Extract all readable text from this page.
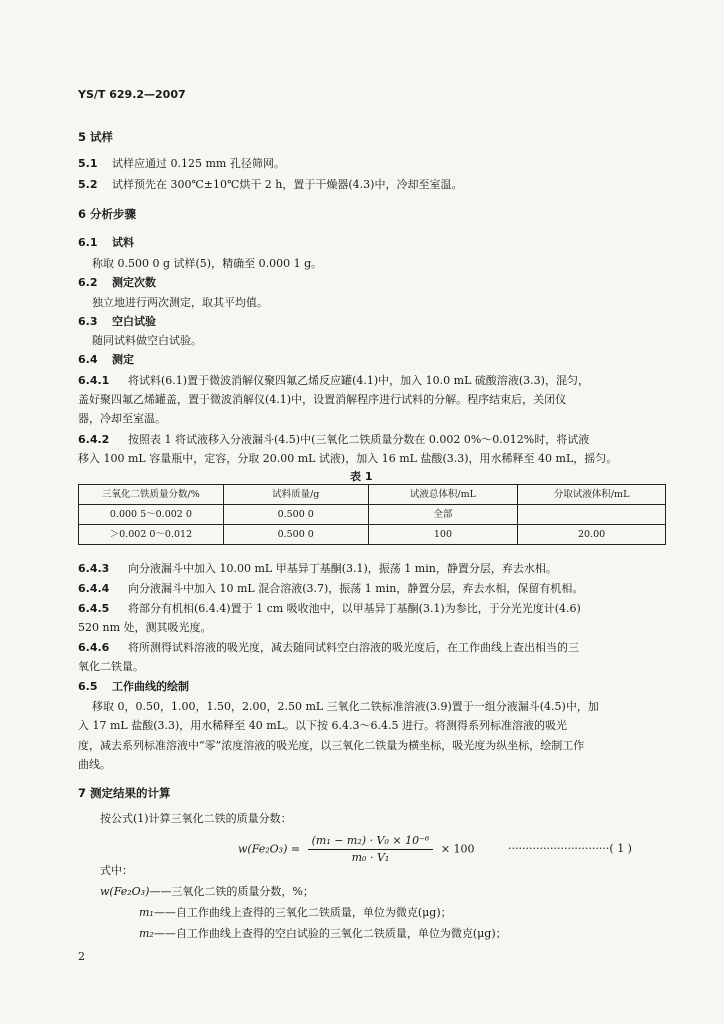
YS/T 629.2—2007
5 试样
5.1 试样应通过 0.125 mm 孔径筛网。
5.2 试样预先在 300℃±10℃烘干 2 h，置于干燥器(4.3)中，冷却至室温。
6 分析步骤
6.1 试料
称取 0.500 0 g 试样(5)，精确至 0.000 1 g。
6.2 测定次数
独立地进行两次测定，取其平均值。
6.3 空白试验
随同试料做空白试验。
6.4 测定
6.4.1 将试料(6.1)置于微波消解仪聚四氟乙烯反应罐(4.1)中，加入 10.0 mL 硫酸溶液(3.3)，混匀，
盖好聚四氟乙烯罐盖，置于微波消解仪(4.1)中，设置消解程序进行试料的分解。程序结束后，关闭仪
器，冷却至室温。
6.4.2 按照表 1 将试液移入分液漏斗(4.5)中(三氧化二铁质量分数在 0.002 0%～0.012%时，将试液
移入 100 mL 容量瓶中，定容，分取 20.00 mL 试液)，加入 16 mL 盐酸(3.3)，用水稀释至 40 mL，摇匀。
表 1
三氧化二铁质量分数/%	试料质量/g	试液总体积/mL	分取试液体积/mL
0.000 5～0.002 0	0.500 0	全部	
＞0.002 0～0.012	0.500 0	100	20.00
6.4.3 向分液漏斗中加入 10.00 mL 甲基异丁基酮(3.1)，振荡 1 min，静置分层，弃去水相。
6.4.4 向分液漏斗中加入 10 mL 混合溶液(3.7)，振荡 1 min，静置分层，弃去水相，保留有机相。
6.4.5 将部分有机相(6.4.4)置于 1 cm 吸收池中，以甲基异丁基酮(3.1)为参比，于分光光度计(4.6)
520 nm 处，测其吸光度。
6.4.6 将所测得试料溶液的吸光度，减去随同试料空白溶液的吸光度后，在工作曲线上查出相当的三
氧化二铁量。
6.5 工作曲线的绘制
移取 0，0.50，1.00，1.50，2.00，2.50 mL 三氧化二铁标准溶液(3.9)置于一组分液漏斗(4.5)中，加
入 17 mL 盐酸(3.3)，用水稀释至 40 mL。以下按 6.4.3～6.4.5 进行。将测得系列标准溶液的吸光
度，减去系列标准溶液中“零”浓度溶液的吸光度，以三氧化二铁量为横坐标，吸光度为纵坐标，绘制工作
曲线。
7 测定结果的计算
按公式(1)计算三氧化二铁的质量分数：
$w(Fe_2O_3) = \frac{\text{(m₁ − m₂) · V₀ × 10⁻⁶}}{\text{m₀ · V₁}} \times 100$	·····························( 1 )
式中：
w(Fe₂O₃)——三氧化二铁的质量分数，%；
m₁——自工作曲线上查得的三氧化二铁质量，单位为微克(μg)；
m₂——自工作曲线上查得的空白试验的三氧化二铁质量，单位为微克(μg)；
2
